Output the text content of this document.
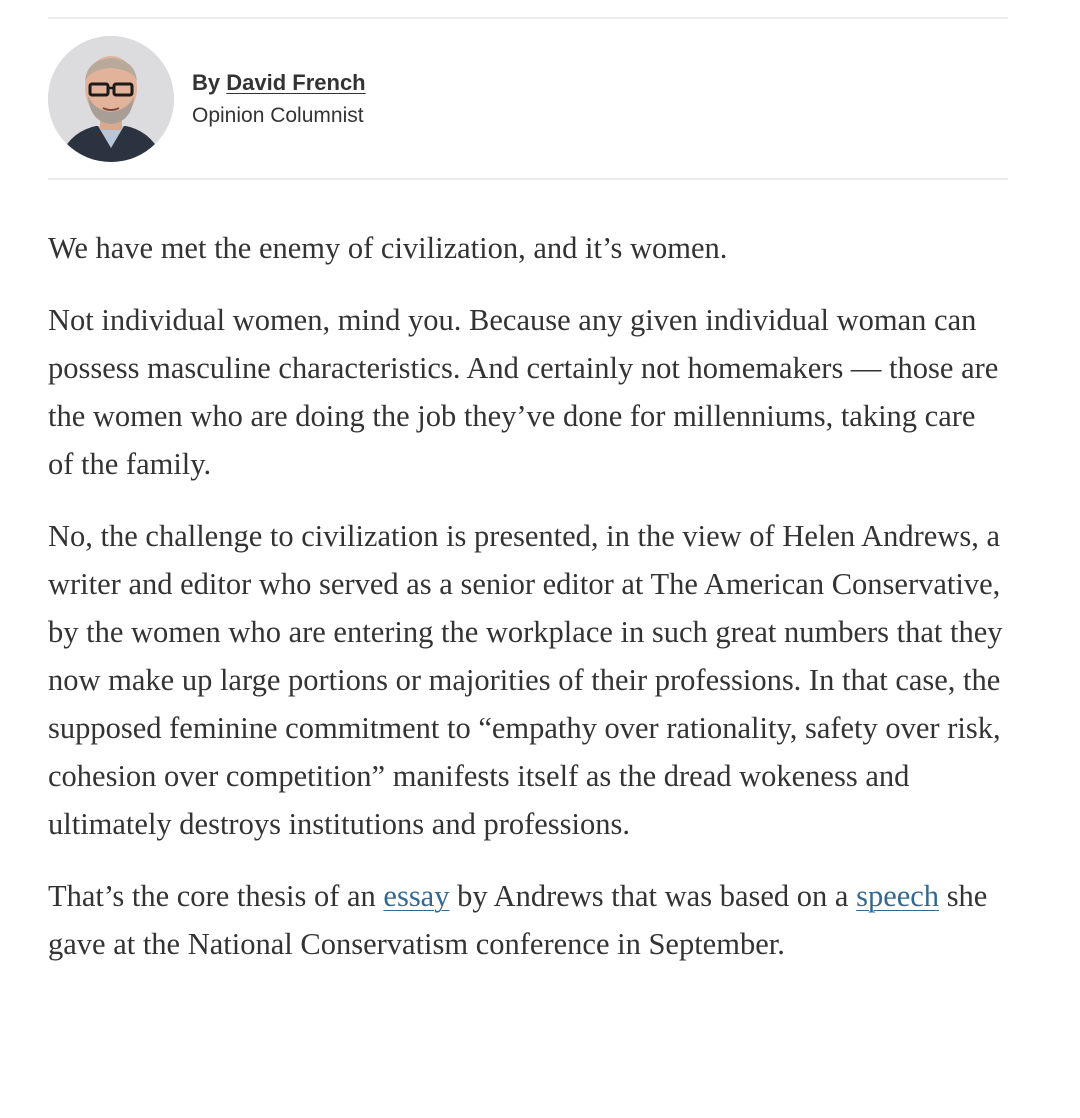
By David French
Opinion Columnist

We have met the enemy of civilization, and it’s women.

Not individual women, mind you. Because any given individual woman can possess masculine characteristics. And certainly not homemakers — those are the women who are doing the job they’ve done for millenniums, taking care of the family.

No, the challenge to civilization is presented, in the view of Helen Andrews, a writer and editor who served as a senior editor at The American Conservative, by the women who are entering the workplace in such great numbers that they now make up large portions or majorities of their professions. In that case, the supposed feminine commitment to “empathy over rationality, safety over risk, cohesion over competition” manifests itself as the dread wokeness and ultimately destroys institutions and professions.

That’s the core thesis of an essay by Andrews that was based on a speech she gave at the National Conservatism conference in September.
